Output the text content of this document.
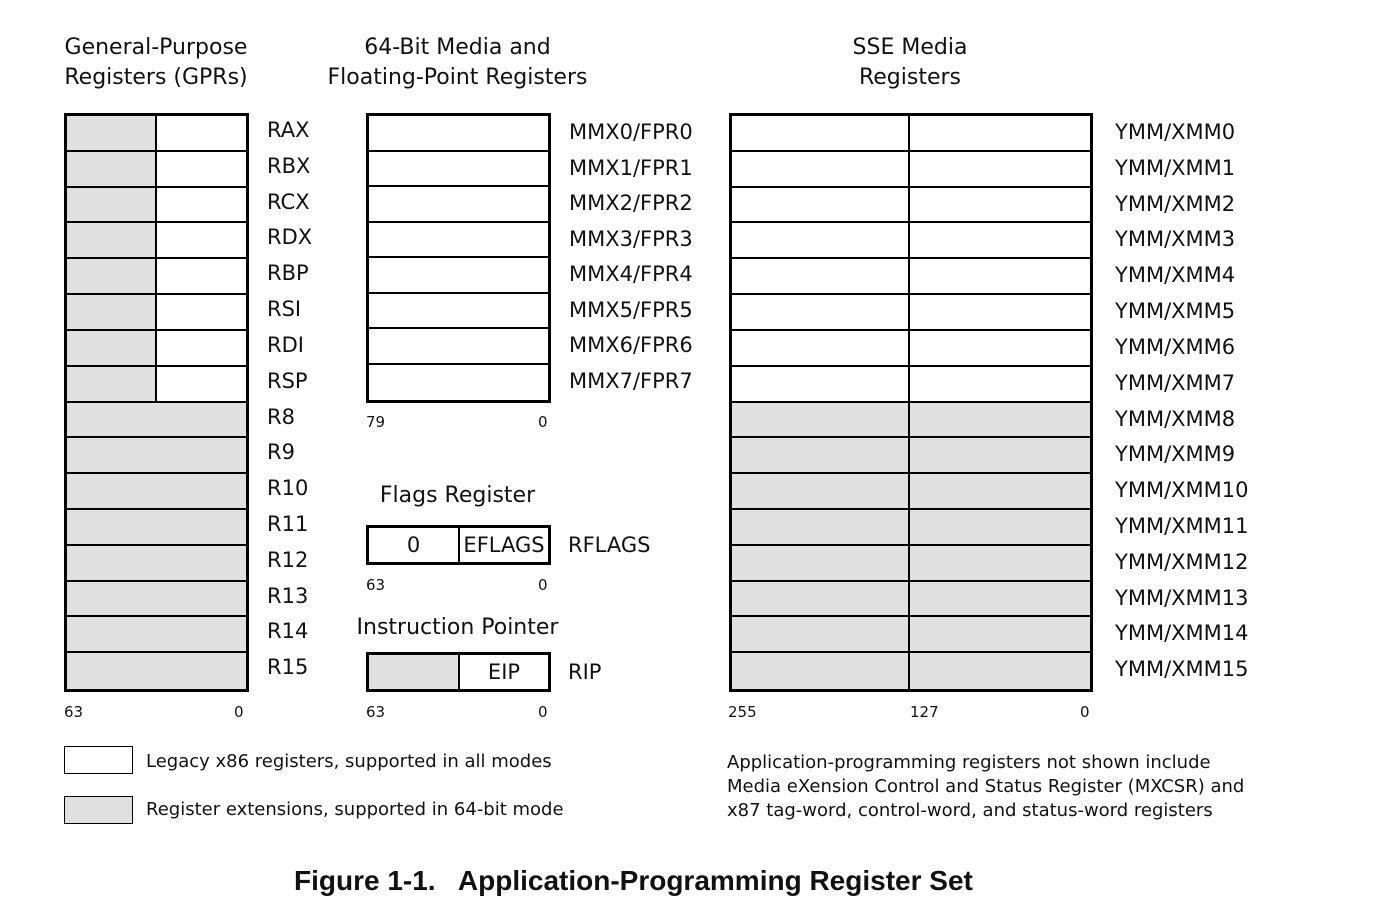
General-Purpose
Registers (GPRs)
RAX
RBX
RCX
RDX
RBP
RSI
RDI
RSP
R8
R9
R10
R11
R12
R13
R14
R15
63	0
64-Bit Media and
Floating-Point Registers
MMX0/FPR0
MMX1/FPR1
MMX2/FPR2
MMX3/FPR3
MMX4/FPR4
MMX5/FPR5
MMX6/FPR6
MMX7/FPR7
79	0
Flags Register
0	EFLAGS RFLAGS
63	0
Instruction Pointer
EIP	RIP
63	0
SSE Media
Registers
YMM/XMM0
YMM/XMM1
YMM/XMM2
YMM/XMM3
YMM/XMM4
YMM/XMM5
YMM/XMM6
YMM/XMM7
YMM/XMM8
YMM/XMM9
YMM/XMM10
YMM/XMM11
YMM/XMM12
YMM/XMM13
YMM/XMM14
YMM/XMM15
255	127	0
Legacy x86 registers, supported in all modes
Register extensions, supported in 64-bit mode
Application-programming registers not shown include
Media eXension Control and Status Register (MXCSR) and
x87 tag-word, control-word, and status-word registers
Figure 1-1.   Application-Programming Register Set
